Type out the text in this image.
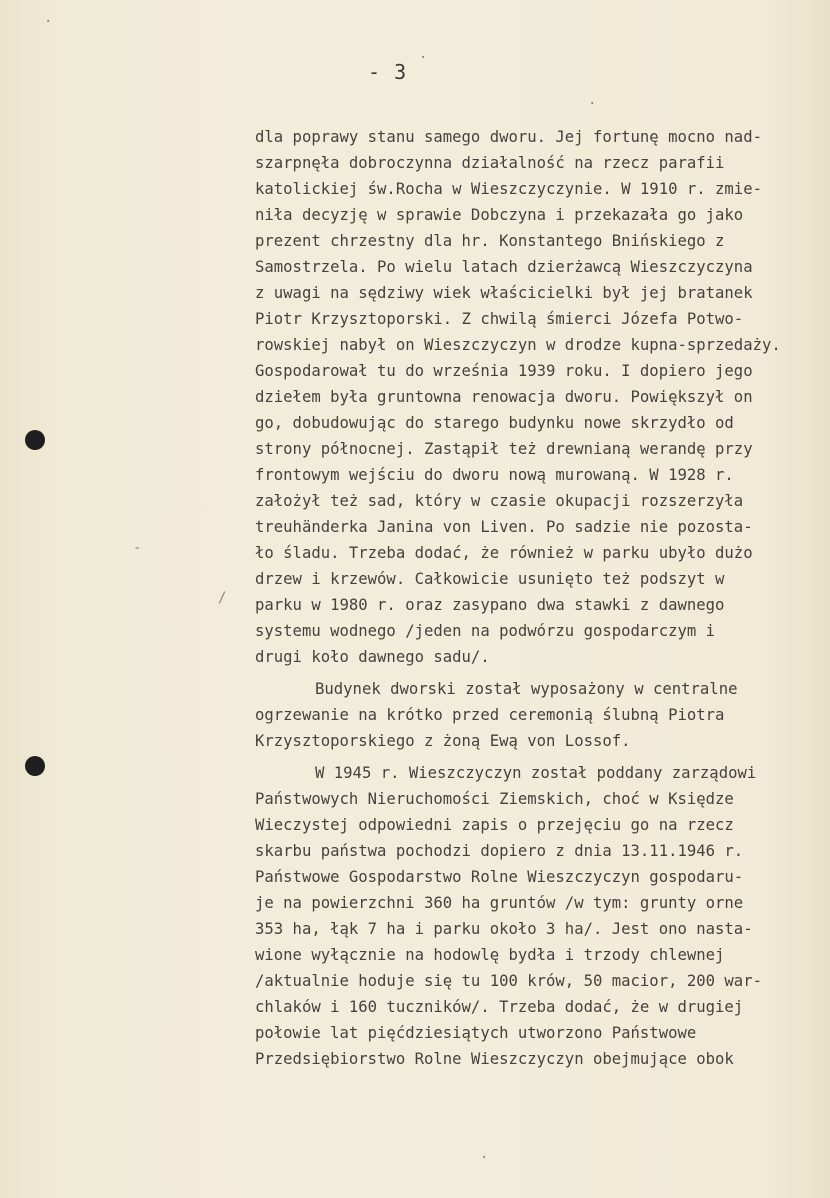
·
·
·
/
·
-
- 3
dla poprawy stanu samego dworu. Jej fortunę mocno nad-
szarpnęła dobroczynna działalność na rzecz parafii
katolickiej św.Rocha w Wieszczyczynie. W 1910 r. zmie-
niła decyzję w sprawie Dobczyna i przekazała go jako
prezent chrzestny dla hr. Konstantego Bnińskiego z
Samostrzela. Po wielu latach dzierżawcą Wieszczyczyna
z uwagi na sędziwy wiek właścicielki był jej bratanek
Piotr Krzysztoporski. Z chwilą śmierci Józefa Potwo-
rowskiej nabył on Wieszczyczyn w drodze kupna-sprzedaży.
Gospodarował tu do września 1939 roku. I dopiero jego
dziełem była gruntowna renowacja dworu. Powiększył on
go, dobudowując do starego budynku nowe skrzydło od
strony północnej. Zastąpił też drewnianą werandę przy
frontowym wejściu do dworu nową murowaną. W 1928 r.
założył też sad, który w czasie okupacji rozszerzyła
treuhänderka Janina von Liven. Po sadzie nie pozosta-
ło śladu. Trzeba dodać, że również w parku ubyło dużo
drzew i krzewów. Całkowicie usunięto też podszyt w
parku w 1980 r. oraz zasypano dwa stawki z dawnego
systemu wodnego /jeden na podwórzu gospodarczym i
drugi koło dawnego sadu/.
Budynek dworski został wyposażony w centralne
ogrzewanie na krótko przed ceremonią ślubną Piotra
Krzysztoporskiego z żoną Ewą von Lossof.
W 1945 r. Wieszczyczyn został poddany zarządowi
Państwowych Nieruchomości Ziemskich, choć w Księdze
Wieczystej odpowiedni zapis o przejęciu go na rzecz
skarbu państwa pochodzi dopiero z dnia 13.11.1946 r.
Państwowe Gospodarstwo Rolne Wieszczyczyn gospodaru-
je na powierzchni 360 ha gruntów /w tym: grunty orne
353 ha, łąk 7 ha i parku około 3 ha/. Jest ono nasta-
wione wyłącznie na hodowlę bydła i trzody chlewnej
/aktualnie hoduje się tu 100 krów, 50 macior, 200 war-
chlaków i 160 tuczników/. Trzeba dodać, że w drugiej
połowie lat pięćdziesiątych utworzono Państwowe
Przedsiębiorstwo Rolne Wieszczyczyn obejmujące obok
